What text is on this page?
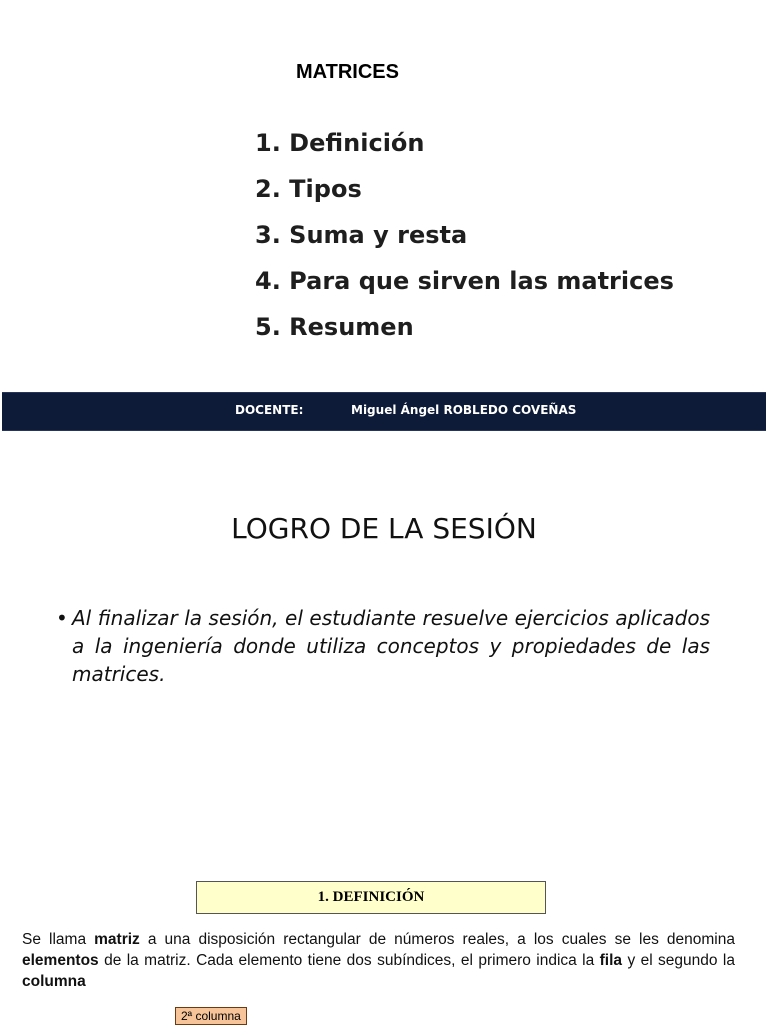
MATRICES
1. Definición
2. Tipos
3. Suma y resta
4. Para que sirven las matrices
5. Resumen
DOCENTE:	Miguel Ángel ROBLEDO COVEÑAS
LOGRO DE LA SESIÓN
• Al finalizar la sesión, el estudiante resuelve ejercicios aplicados a la ingeniería donde utiliza conceptos y propiedades de las matrices.
1. DEFINICIÓN
Se llama matriz a una disposición rectangular de números reales, a los cuales se les denomina elementos de la matriz. Cada elemento tiene dos subíndices, el primero indica la fila y el segundo la columna
2ª columna
